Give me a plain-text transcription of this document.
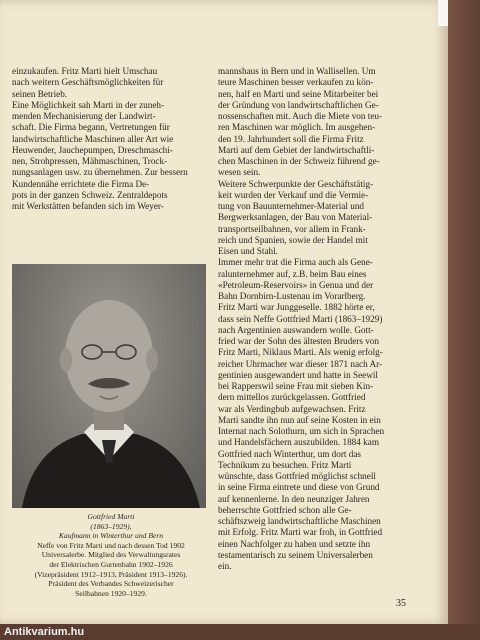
einzukaufen. Fritz Marti hielt Umschau

nach weitern Geschäftsmöglichkeiten für

seinen Betrieb.

Eine Möglichkeit sah Marti in der zuneh-

menden Mechanisierung der Landwirt-

schaft. Die Firma begann, Vertretungen für

landwirtschaftliche Maschinen aller Art wie

Heuwender, Jauchepumpen, Dreschmaschi-

nen, Strohpressen, Mähmaschinen, Trock-

nungsanlagen usw. zu übernehmen. Zur bessern

Kundennähe errichtete die Firma De-

pots in der ganzen Schweiz. Zentraldepots

mit Werkstätten befanden sich im Weyer-

Gottfried Marti
(1863–1929),
Kaufmann in Winterthur und Bern
Neffe von Fritz Marti und nach dessen Tod 1902
Universalerbe. Mitglied des Verwaltungsrates
der Elektrischen Gurtenbahn 1902–1926
(Vizepräsident 1912–1913, Präsident 1913–1926).
Präsident des Verbandes Schweizerischer
Seilbahnen 1920–1929.

mannshaus in Bern und in Wallisellen. Um

teure Maschinen besser verkaufen zu kön-

nen, half en Marti und seine Mitarbeiter bei

der Gründung von landwirtschaftlichen Ge-

nossenschaften mit. Auch die Miete von teu-

ren Maschinen war möglich. Im ausgehen-

den 19. Jahrhundert soll die Firma Fritz

Marti auf dem Gebiet der landwirtschaftli-

chen Maschinen in der Schweiz führend ge-

wesen sein.

Weitere Schwerpunkte der Geschäftstätig-

keit wurden der Verkauf und die Vermie-

tung von Bauunternehmer-Material und

Bergwerksanlagen, der Bau von Material-

transportseilbahnen, vor allem in Frank-

reich und Spanien, sowie der Handel mit

Eisen und Stahl.

Immer mehr trat die Firma auch als Gene-

ralunternehmer auf, z.B. beim Bau eines

«Petroleum-Reservoirs» in Genua und der

Bahn Dornbirn-Lustenau im Vorarlberg.

Fritz Marti war Junggeselle. 1882 hörte er,

dass sein Neffe Gottfried Marti (1863–1929)

nach Argentinien auswandern wolle. Gott-

fried war der Sohn des ältesten Bruders von

Fritz Marti, Niklaus Marti. Als wenig erfolg-

reicher Uhrmacher war dieser 1871 nach Ar-

gentinien ausgewandert und hatte in Seewil

bei Rapperswil seine Frau mit sieben Kin-

dern mittellos zurückgelassen. Gottfried

war als Verdingbub aufgewachsen. Fritz

Marti sandte ihn nun auf seine Kosten in ein

Internat nach Solothurn, um sich in Sprachen

und Handelsfächern auszubilden. 1884 kam

Gottfried nach Winterthur, um dort das

Technikum zu besuchen. Fritz Marti

wünschte, dass Gottfried möglichst schnell

in seine Firma eintrete und diese von Grund

auf kennenlerne. In den neunziger Jahren

beherrschte Gottfried schon alle Ge-

schäftszweig landwirtschaftliche Maschinen

mit Erfolg. Fritz Marti war froh, in Gottfried

einen Nachfolger zu haben und setzte ihn

testamentarisch zu seinem Universalerben

ein.

35
Antikvarium.hu
